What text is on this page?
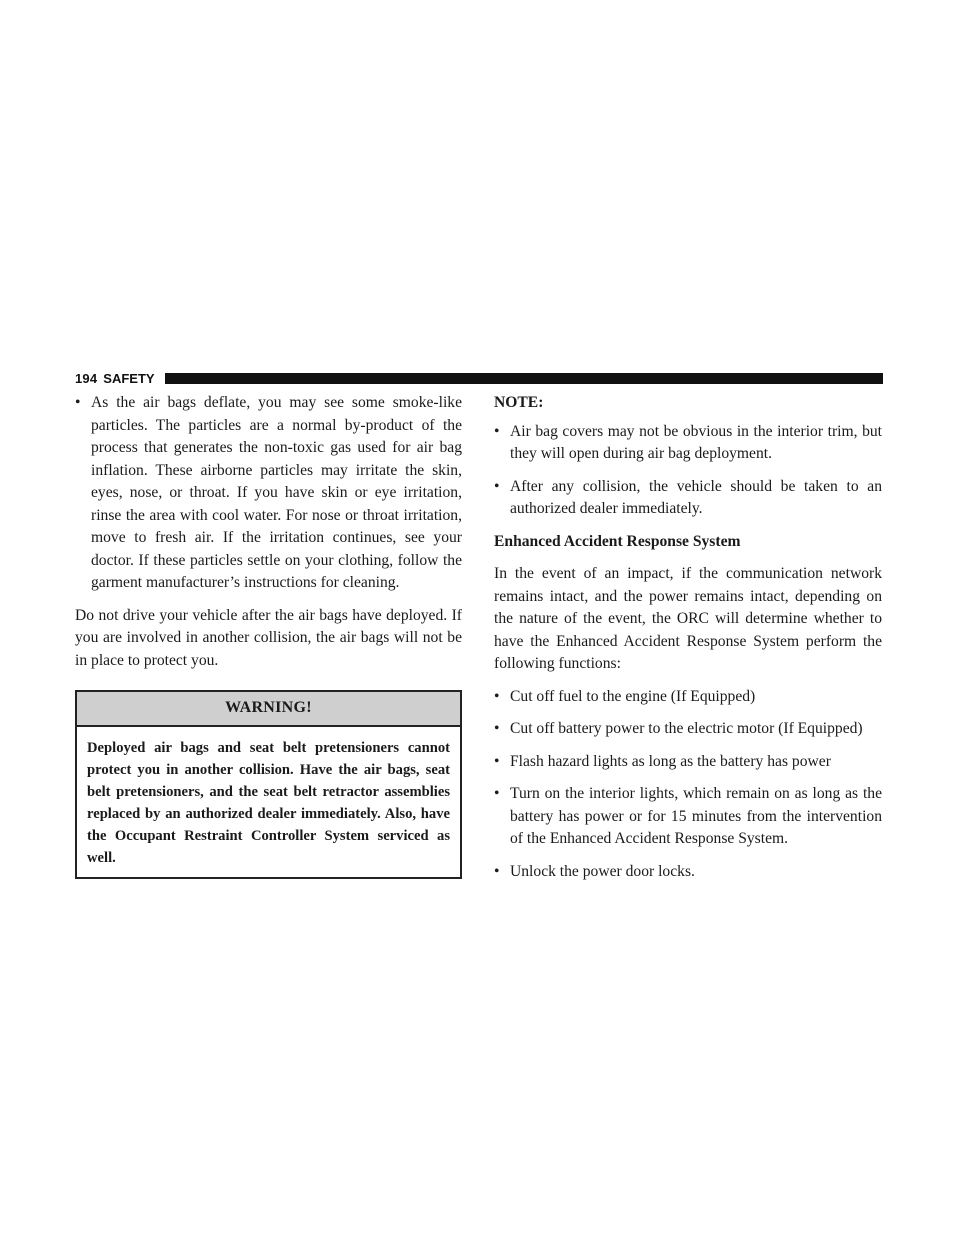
194 SAFETY
• As the air bags deflate, you may see some smoke-like particles. The particles are a normal by-product of the process that generates the non-toxic gas used for air bag inflation. These airborne particles may irritate the skin, eyes, nose, or throat. If you have skin or eye irritation, rinse the area with cool water. For nose or throat irritation, move to fresh air. If the irritation continues, see your doctor. If these particles settle on your clothing, follow the garment manufacturer’s instructions for cleaning.

Do not drive your vehicle after the air bags have deployed. If you are involved in another collision, the air bags will not be in place to protect you.

WARNING!
Deployed air bags and seat belt pretensioners cannot protect you in another collision. Have the air bags, seat belt pretensioners, and the seat belt retractor assemblies replaced by an authorized dealer immediately. Also, have the Occupant Restraint Controller System serviced as well.

NOTE:

• Air bag covers may not be obvious in the interior trim, but they will open during air bag deployment.
• After any collision, the vehicle should be taken to an authorized dealer immediately.

Enhanced Accident Response System

In the event of an impact, if the communication network remains intact, and the power remains intact, depending on the nature of the event, the ORC will determine whether to have the Enhanced Accident Response System perform the following functions:

• Cut off fuel to the engine (If Equipped)
• Cut off battery power to the electric motor (If Equipped)
• Flash hazard lights as long as the battery has power
• Turn on the interior lights, which remain on as long as the battery has power or for 15 minutes from the intervention of the Enhanced Accident Response System.
• Unlock the power door locks.
